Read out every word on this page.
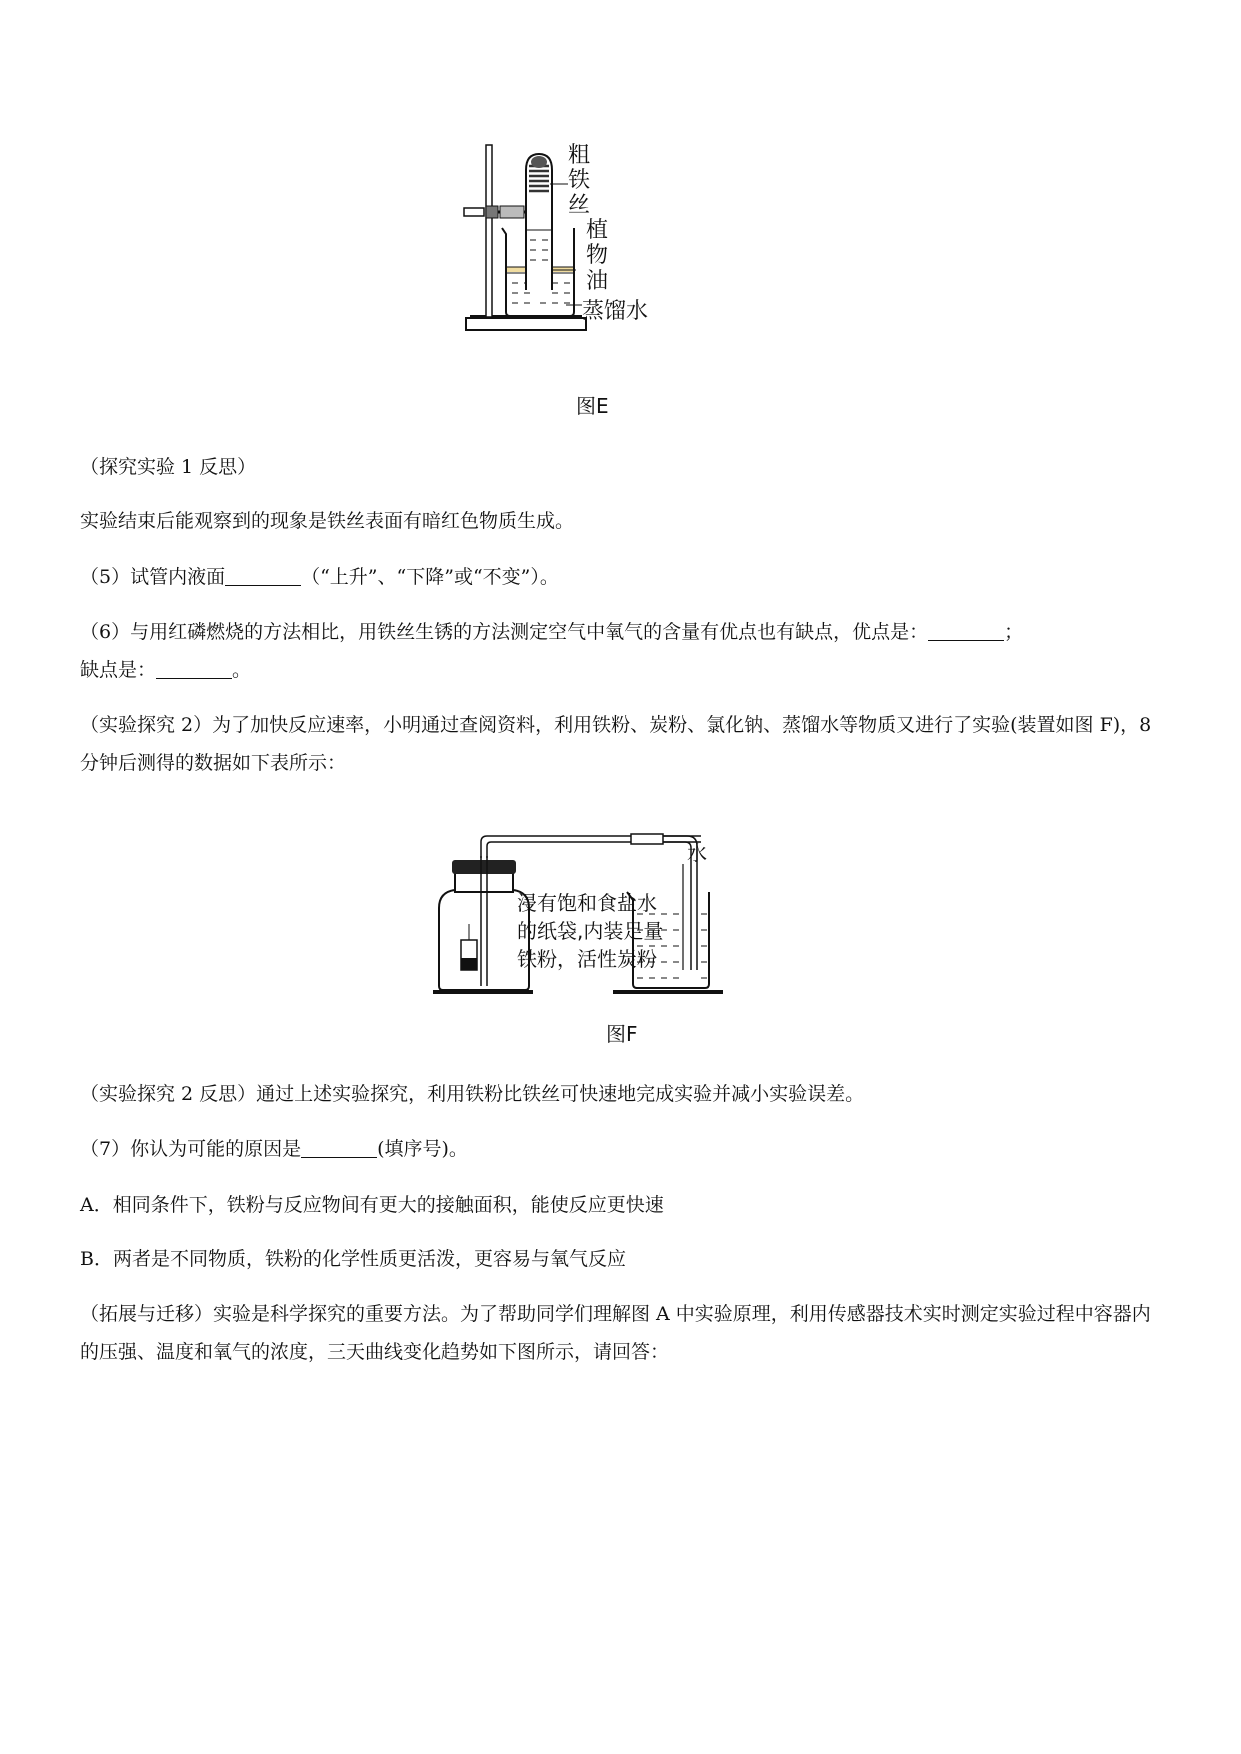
粗
铁
丝
植
物
油
蒸馏水
图E
（探究实验 1 反思）
实验结束后能观察到的现象是铁丝表面有暗红色物质生成。
（5）试管内液面	（“上升”、“下降”或“不变”）。
（6）与用红磷燃烧的方法相比，用铁丝生锈的方法测定空气中氧气的含量有优点也有缺点，优点是：	；
缺点是：	。
（实验探究 2）为了加快反应速率，小明通过查阅资料，利用铁粉、炭粉、氯化钠、蒸馏水等物质又进行了实验(装置如图 F)，8 分钟后测得的数据如下表所示：
水
浸有饱和食盐水
的纸袋,内装足量
铁粉，活性炭粉
图F
（实验探究 2 反思）通过上述实验探究，利用铁粉比铁丝可快速地完成实验并减小实验误差。
（7）你认为可能的原因是	(填序号)。
A．相同条件下，铁粉与反应物间有更大的接触面积，能使反应更快速
B．两者是不同物质，铁粉的化学性质更活泼，更容易与氧气反应
（拓展与迁移）实验是科学探究的重要方法。为了帮助同学们理解图 A 中实验原理，利用传感器技术实时测定实验过程中容器内的压强、温度和氧气的浓度，三天曲线变化趋势如下图所示，请回答：
